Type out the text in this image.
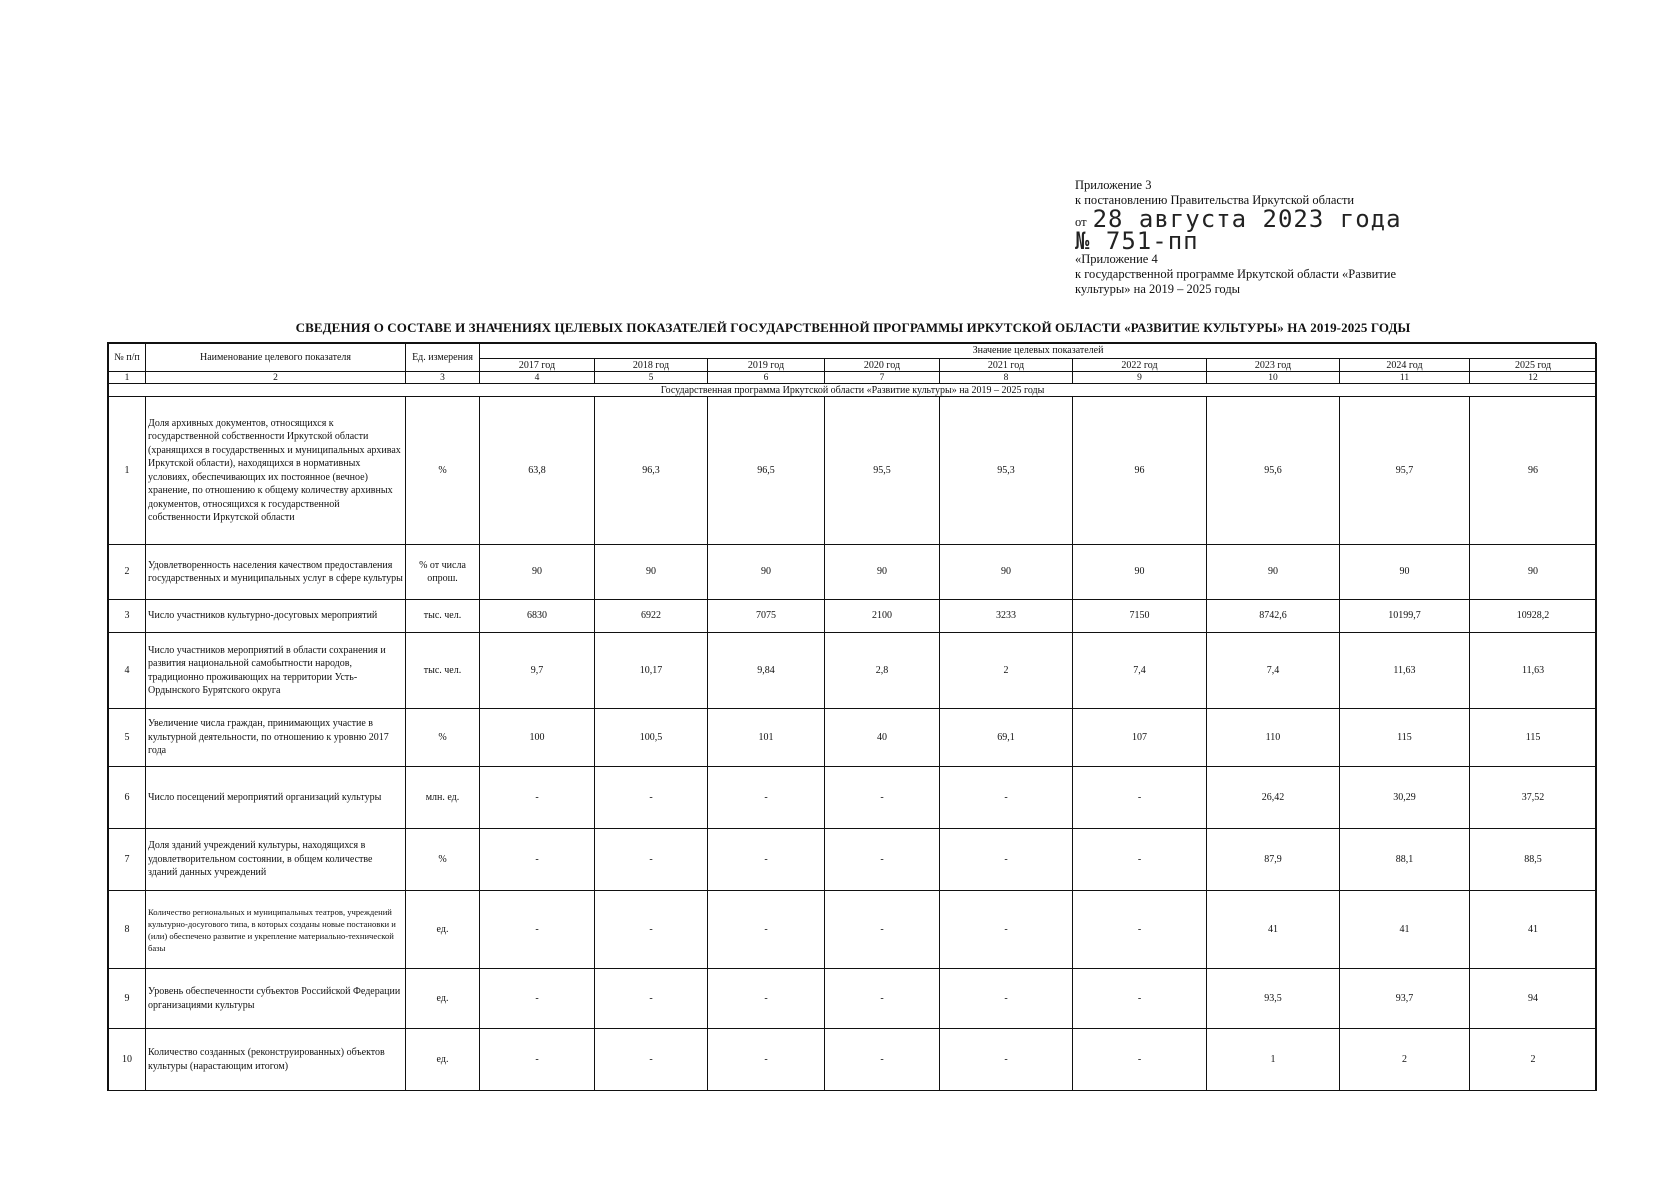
Приложение 3
к постановлению Правительства Иркутской области
от 28 августа 2023 года
№ 751-пп
«Приложение 4
к государственной программе Иркутской области «Развитие
культуры» на 2019 – 2025 годы
СВЕДЕНИЯ О СОСТАВЕ И ЗНАЧЕНИЯХ ЦЕЛЕВЫХ ПОКАЗАТЕЛЕЙ ГОСУДАРСТВЕННОЙ ПРОГРАММЫ ИРКУТСКОЙ ОБЛАСТИ «РАЗВИТИЕ КУЛЬТУРЫ» НА 2019-2025 ГОДЫ
№ п/п	Наименование целевого показателя	Ед. измерения	Значение целевых показателей								
			2017 год	2018 год	2019 год	2020 год	2021 год	2022 год	2023 год	2024 год	2025 год
1	2	3	4	5	6	7	8	9	10	11	12
Государственная программа Иркутской области «Развитие культуры» на 2019 – 2025 годы											
1	Доля архивных документов, относящихся к государственной собственности Иркутской области (хранящихся в государственных и муниципальных архивах Иркутской области), находящихся в нормативных условиях, обеспечивающих их постоянное (вечное) хранение, по отношению к общему количеству архивных документов, относящихся к государственной собственности Иркутской области	%	63,8	96,3	96,5	95,5	95,3	96	95,6	95,7	96
2	Удовлетворенность населения качеством предоставления государственных и муниципальных услуг в сфере культуры	% от числа опрош.	90	90	90	90	90	90	90	90	90
3	Число участников культурно-досуговых мероприятий	тыс. чел.	6830	6922	7075	2100	3233	7150	8742,6	10199,7	10928,2
4	Число участников мероприятий в области сохранения и развития национальной самобытности народов, традиционно проживающих на территории Усть-Ордынского Бурятского округа	тыс. чел.	9,7	10,17	9,84	2,8	2	7,4	7,4	11,63	11,63
5	Увеличение числа граждан, принимающих участие в культурной деятельности, по отношению к уровню 2017 года	%	100	100,5	101	40	69,1	107	110	115	115
6	Число посещений мероприятий организаций культуры	млн. ед.	-	-	-	-	-	-	26,42	30,29	37,52
7	Доля зданий учреждений культуры, находящихся в удовлетворительном состоянии, в общем количестве зданий данных учреждений	%	-	-	-	-	-	-	87,9	88,1	88,5
8	Количество региональных и муниципальных театров, учреждений культурно-досугового типа, в которых созданы новые постановки и (или) обеспечено развитие и укрепление материально-технической базы	ед.	-	-	-	-	-	-	41	41	41
9	Уровень обеспеченности субъектов Российской Федерации организациями культуры	ед.	-	-	-	-	-	-	93,5	93,7	94
10	Количество созданных (реконструированных) объектов культуры (нарастающим итогом)	ед.	-	-	-	-	-	-	1	2	2
